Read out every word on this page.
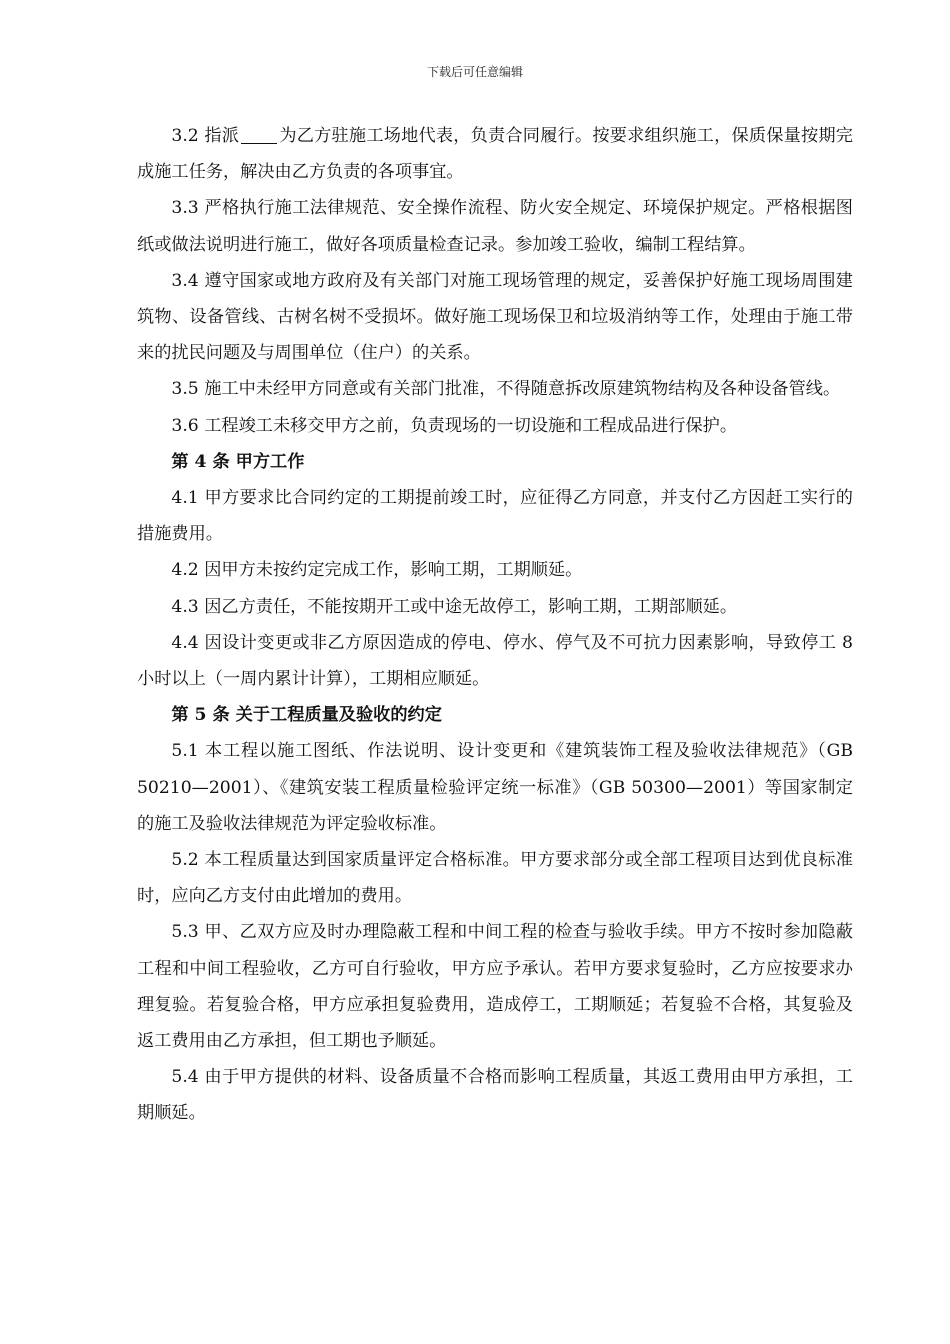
下载后可任意编辑

3.2 指派 为乙方驻施工场地代表，负责合同履行。按要求组织施工，保质保量按期完成施工任务，解决由乙方负责的各项事宜。

3.3 严格执行施工法律规范、安全操作流程、防火安全规定、环境保护规定。严格根据图纸或做法说明进行施工，做好各项质量检查记录。参加竣工验收，编制工程结算。

3.4 遵守国家或地方政府及有关部门对施工现场管理的规定，妥善保护好施工现场周围建筑物、设备管线、古树名树不受损坏。做好施工现场保卫和垃圾消纳等工作，处理由于施工带来的扰民问题及与周围单位（住户）的关系。

3.5 施工中未经甲方同意或有关部门批准，不得随意拆改原建筑物结构及各种设备管线。

3.6 工程竣工未移交甲方之前，负责现场的一切设施和工程成品进行保护。

第 4 条 甲方工作

4.1 甲方要求比合同约定的工期提前竣工时，应征得乙方同意，并支付乙方因赶工实行的措施费用。

4.2 因甲方未按约定完成工作，影响工期，工期顺延。

4.3 因乙方责任，不能按期开工或中途无故停工，影响工期，工期部顺延。

4.4 因设计变更或非乙方原因造成的停电、停水、停气及不可抗力因素影响，导致停工 8 小时以上（一周内累计计算），工期相应顺延。

第 5 条 关于工程质量及验收的约定

5.1 本工程以施工图纸、作法说明、设计变更和《建筑装饰工程及验收法律规范》（GB 50210—2001）、《建筑安装工程质量检验评定统一标准》（GB 50300—2001）等国家制定的施工及验收法律规范为评定验收标准。

5.2 本工程质量达到国家质量评定合格标准。甲方要求部分或全部工程项目达到优良标准时，应向乙方支付由此增加的费用。

5.3 甲、乙双方应及时办理隐蔽工程和中间工程的检查与验收手续。甲方不按时参加隐蔽工程和中间工程验收，乙方可自行验收，甲方应予承认。若甲方要求复验时，乙方应按要求办理复验。若复验合格，甲方应承担复验费用，造成停工，工期顺延；若复验不合格，其复验及返工费用由乙方承担，但工期也予顺延。

5.4 由于甲方提供的材料、设备质量不合格而影响工程质量，其返工费用由甲方承担，工期顺延。
